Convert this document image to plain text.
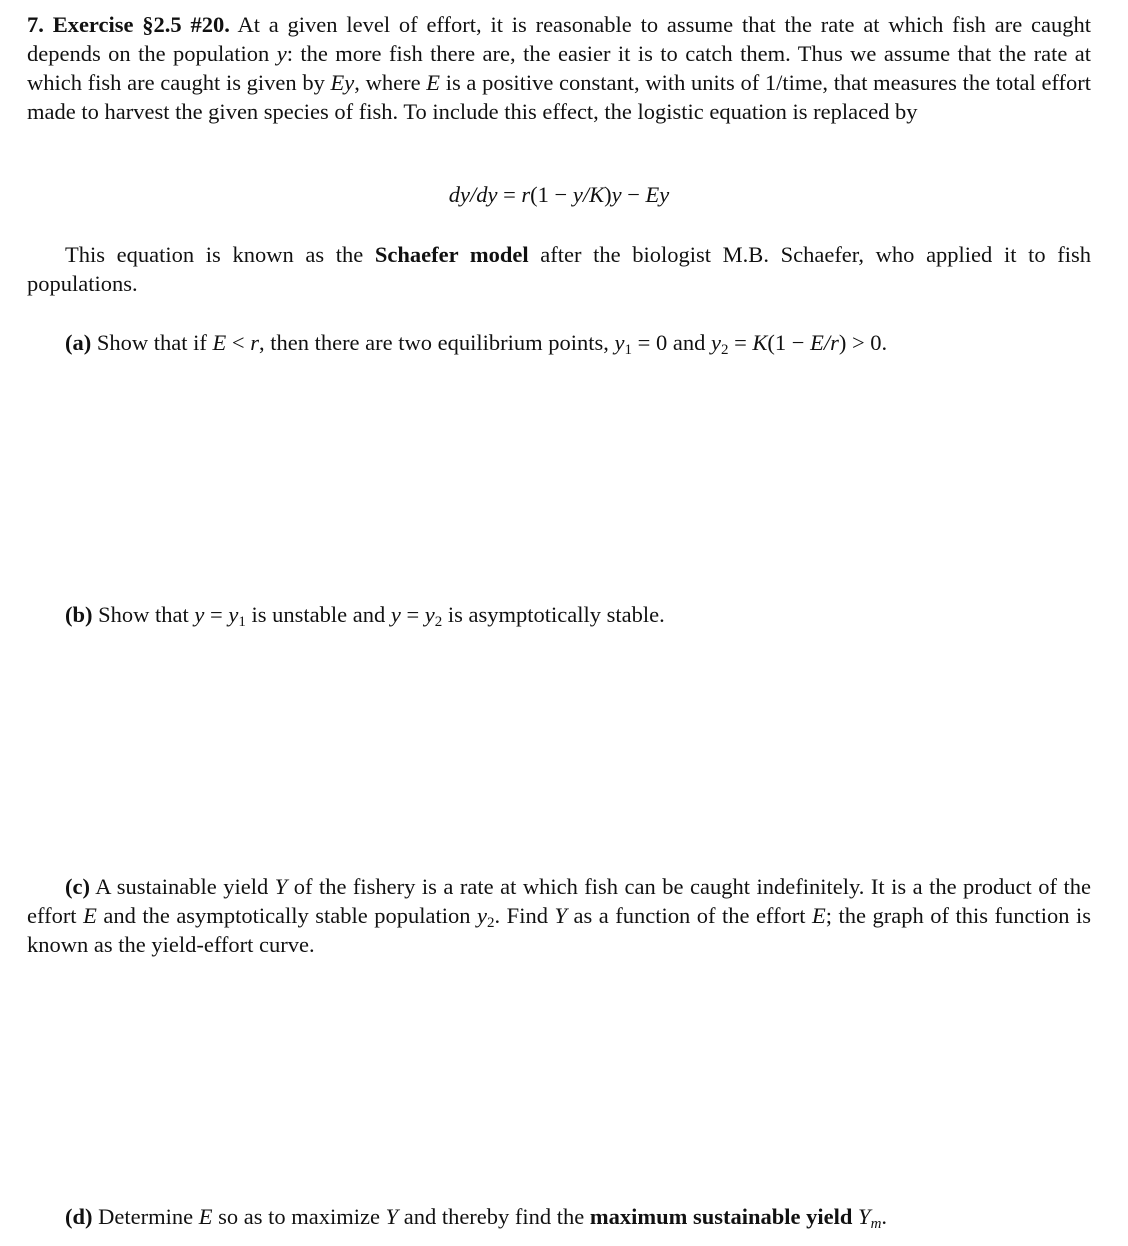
7. Exercise §2.5 #20. At a given level of effort, it is reasonable to assume that the rate at which fish are caught depends on the population y: the more fish there are, the easier it is to catch them. Thus we assume that the rate at which fish are caught is given by Ey, where E is a positive constant, with units of 1/time, that measures the total effort made to harvest the given species of fish. To include this effect, the logistic equation is replaced by

dy/dy = r(1 − y/K)y − Ey

This equation is known as the Schaefer model after the biologist M.B. Schaefer, who applied it to fish populations.

(a) Show that if E < r, then there are two equilibrium points, $y_1 = 0$ and $y_2 = K(1 - E/r) > 0$.

(b) Show that $y = y_1$ is unstable and $y = y_2$ is asymptotically stable.

(c) A sustainable yield Y of the fishery is a rate at which fish can be caught indefinitely. It is a the product of the effort E and the asymptotically stable population $y_2$. Find Y as a function of the effort E; the graph of this function is known as the yield-effort curve.

(d) Determine E so as to maximize Y and thereby find the maximum sustainable yield $Y_m$.
